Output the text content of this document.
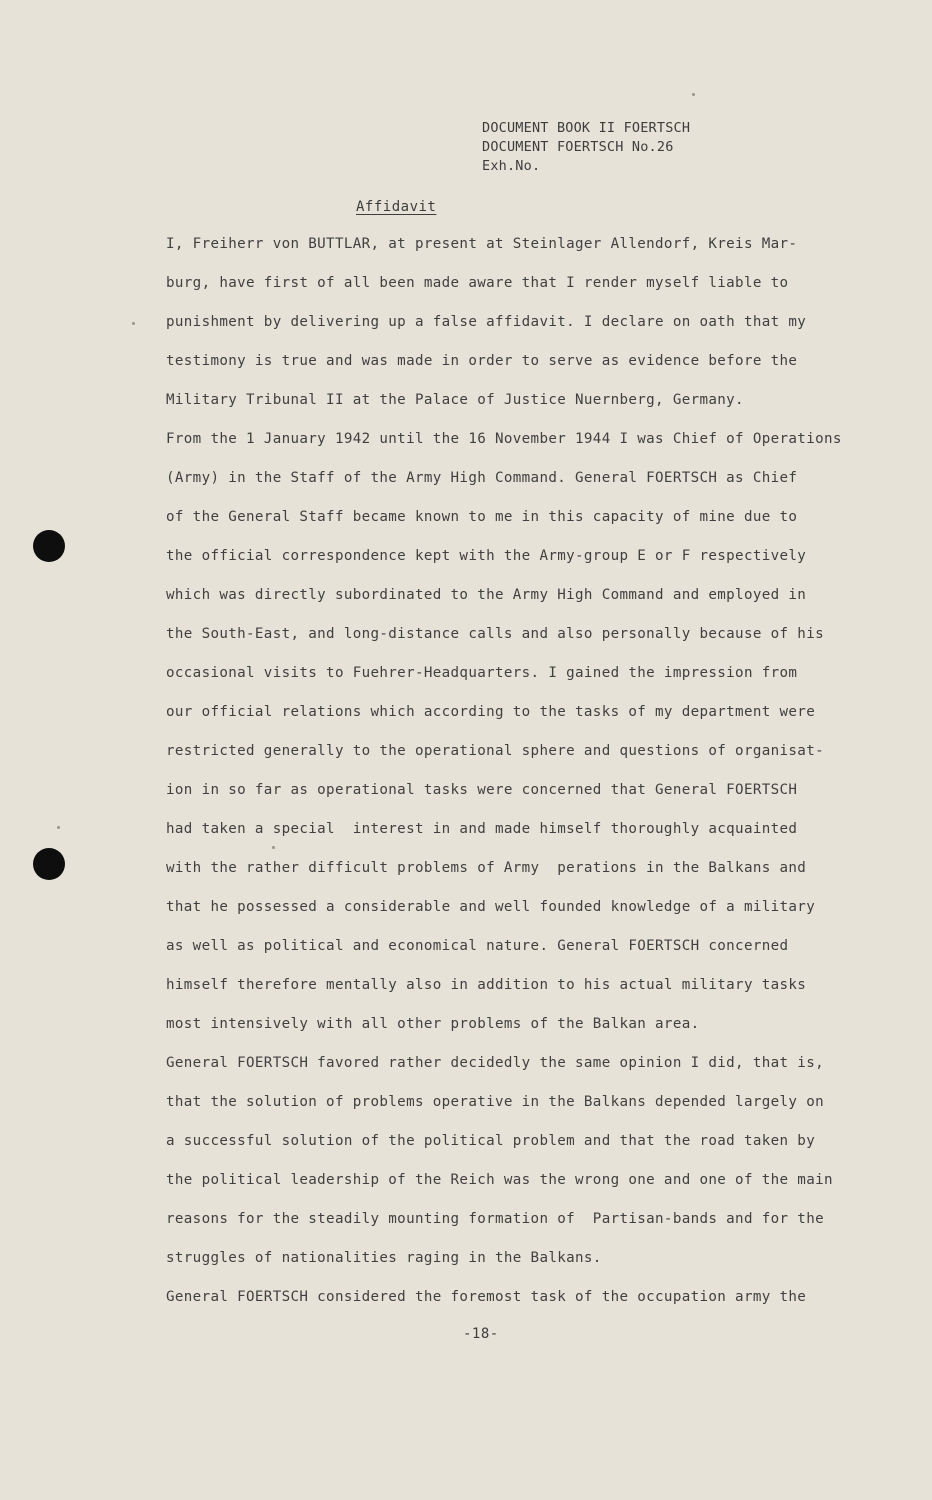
DOCUMENT BOOK II FOERTSCH
DOCUMENT FOERTSCH No.26
Exh.No.
Affidavit
I, Freiherr von BUTTLAR, at present at Steinlager Allendorf, Kreis Mar-
burg, have first of all been made aware that I render myself liable to
punishment by delivering up a false affidavit. I declare on oath that my
testimony is true and was made in order to serve as evidence before the
Military Tribunal II at the Palace of Justice Nuernberg, Germany.
From the 1 January 1942 until the 16 November 1944 I was Chief of Operations
(Army) in the Staff of the Army High Command. General FOERTSCH as Chief
of the General Staff became known to me in this capacity of mine due to
the official correspondence kept with the Army-group E or F respectively
which was directly subordinated to the Army High Command and employed in
the South-East, and long-distance calls and also personally because of his
occasional visits to Fuehrer-Headquarters. I gained the impression from
our official relations which according to the tasks of my department were
restricted generally to the operational sphere and questions of organisat-
ion in so far as operational tasks were concerned that General FOERTSCH
had taken a special  interest in and made himself thoroughly acquainted
with the rather difficult problems of Army  perations in the Balkans and
that he possessed a considerable and well founded knowledge of a military
as well as political and economical nature. General FOERTSCH concerned
himself therefore mentally also in addition to his actual military tasks
most intensively with all other problems of the Balkan area.
General FOERTSCH favored rather decidedly the same opinion I did, that is,
that the solution of problems operative in the Balkans depended largely on
a successful solution of the political problem and that the road taken by
the political leadership of the Reich was the wrong one and one of the main
reasons for the steadily mounting formation of  Partisan-bands and for the
struggles of nationalities raging in the Balkans.
General FOERTSCH considered the foremost task of the occupation army the
-18-
